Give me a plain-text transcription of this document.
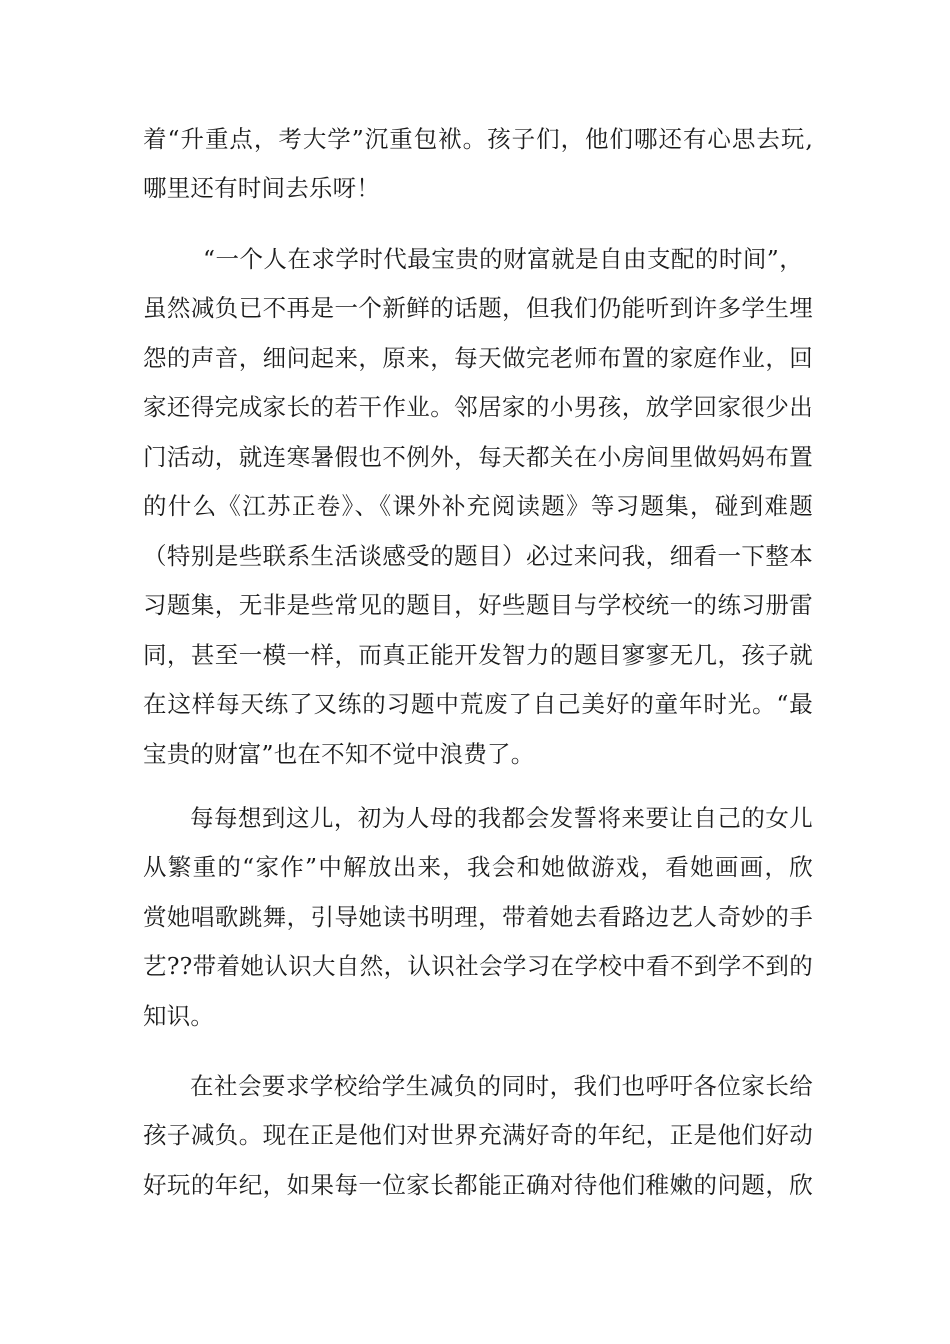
着“升重点，考大学”沉重包袱。孩子们，他们哪还有心思去玩,
哪里还有时间去乐呀！
“一个人在求学时代最宝贵的财富就是自由支配的时间”，
虽然减负已不再是一个新鲜的话题，但我们仍能听到许多学生埋
怨的声音，细问起来，原来，每天做完老师布置的家庭作业，回
家还得完成家长的若干作业。邻居家的小男孩，放学回家很少出
门活动，就连寒暑假也不例外，每天都关在小房间里做妈妈布置
的什么《江苏正卷》、《课外补充阅读题》等习题集，碰到难题
（特别是些联系生活谈感受的题目）必过来问我，细看一下整本
习题集，无非是些常见的题目，好些题目与学校统一的练习册雷
同，甚至一模一样，而真正能开发智力的题目寥寥无几，孩子就
在这样每天练了又练的习题中荒废了自己美好的童年时光。“最
宝贵的财富”也在不知不觉中浪费了。
每每想到这儿，初为人母的我都会发誓将来要让自己的女儿
从繁重的“家作”中解放出来，我会和她做游戏，看她画画，欣
赏她唱歌跳舞，引导她读书明理，带着她去看路边艺人奇妙的手
艺??带着她认识大自然，认识社会学习在学校中看不到学不到的
知识。
在社会要求学校给学生减负的同时，我们也呼吁各位家长给
孩子减负。现在正是他们对世界充满好奇的年纪，正是他们好动
好玩的年纪，如果每一位家长都能正确对待他们稚嫩的问题，欣
